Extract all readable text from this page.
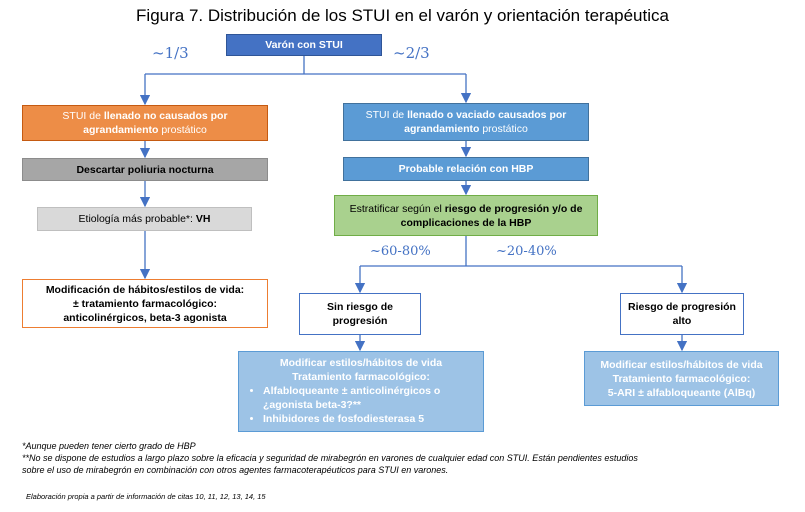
Figura 7. Distribución de los STUI en el varón y orientación terapéutica
Varón con STUI
~1/3	~2/3
STUI de llenado no causados por agrandamiento prostático
STUI de llenado o vaciado causados por agrandamiento prostático
Descartar poliuria nocturna	Probable relación con HBP
Etiología más probable*: VH
Estratificar según el riesgo de progresión y/o de complicaciones de la HBP
~60-80%	~20-40%
Modificación de hábitos/estilos de vida:
± tratamiento farmacológico:
anticolinérgicos, beta-3 agonista
Sin riesgo de progresión
Riesgo de progresión alto
Modificar estilos/hábitos de vida
Tratamiento farmacológico:
• Alfabloqueante ± anticolinérgicos o ¿agonista beta-3?**
• Inhibidores de fosfodiesterasa 5
Modificar estilos/hábitos de vida
Tratamiento farmacológico:
5-ARI ± alfabloqueante (AlBq)
*Aunque pueden tener cierto grado de HBP
**No se dispone de estudios a largo plazo sobre la eficacia y seguridad de mirabegrón en varones de cualquier edad con STUI. Están pendientes estudios
sobre el uso de mirabegrón en combinación con otros agentes farmacoterapéuticos para STUI en varones.
Elaboración propia a partir de información de citas 10, 11, 12, 13, 14, 15
